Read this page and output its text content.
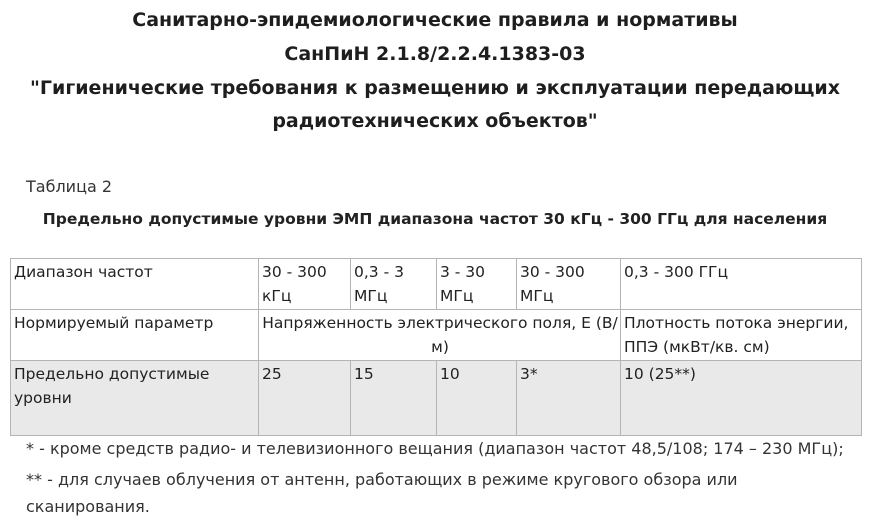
Санитарно-эпидемиологические правила и нормативы
СанПиН 2.1.8/2.2.4.1383-03
"Гигиенические требования к размещению и эксплуатации передающих
радиотехнических объектов"
Таблица 2
Предельно допустимые уровни ЭМП диапазона частот 30 кГц - 300 ГГц для населения
Диапазон частот	30 - 300 кГц	0,3 - 3 МГц	3 - 30 МГц	30 - 300 МГц	0,3 - 300 ГГц
Нормируемый параметр	Напряженность электрического поля, Е (В/м)				Плотность потока энергии, ППЭ (мкВт/кв. см)
Предельно допустимые уровни	25	15	10	3*	10 (25**)
* - кроме средств радио- и телевизионного вещания (диапазон частот 48,5/108; 174 – 230 МГц);
** - для случаев облучения от антенн, работающих в режиме кругового обзора или
сканирования.
